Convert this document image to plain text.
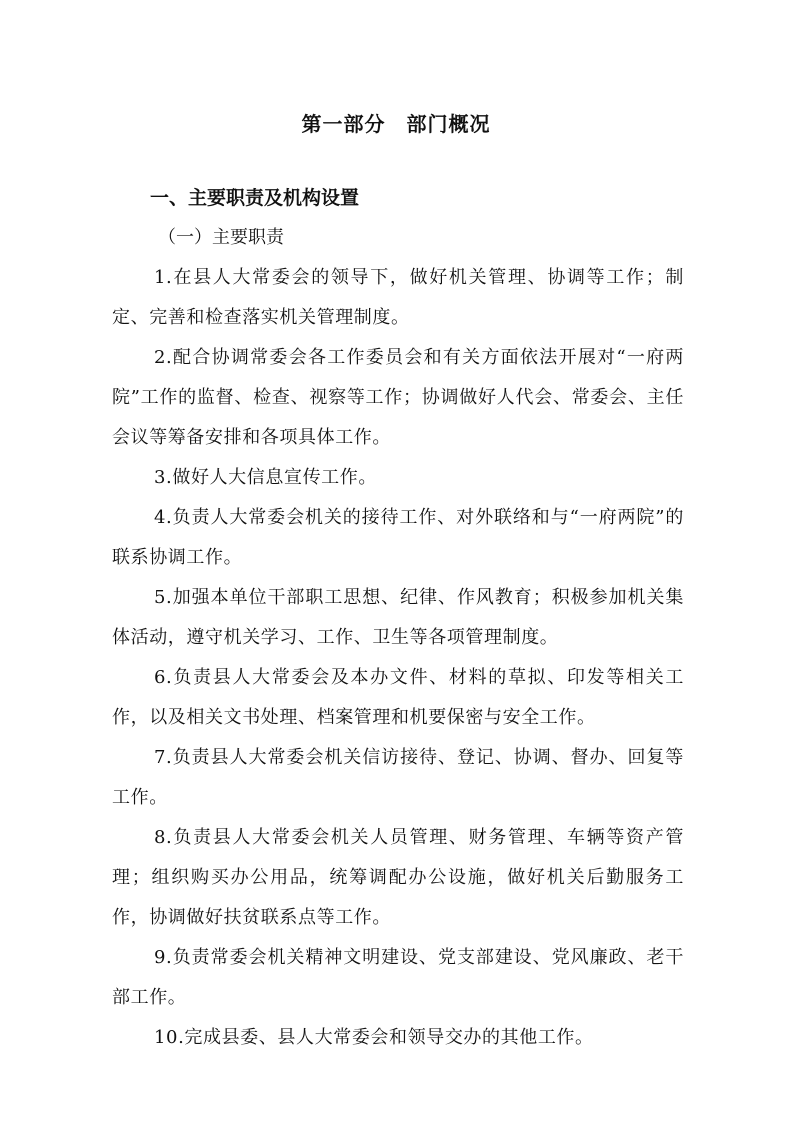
第一部分　部门概况

一、主要职责及机构设置

（一）主要职责

1.在县人大常委会的领导下，做好机关管理、协调等工作；制定、完善和检查落实机关管理制度。

2.配合协调常委会各工作委员会和有关方面依法开展对“一府两院”工作的监督、检查、视察等工作；协调做好人代会、常委会、主任会议等筹备安排和各项具体工作。

3.做好人大信息宣传工作。

4.负责人大常委会机关的接待工作、对外联络和与“一府两院”的联系协调工作。

5.加强本单位干部职工思想、纪律、作风教育；积极参加机关集体活动，遵守机关学习、工作、卫生等各项管理制度。

6.负责县人大常委会及本办文件、材料的草拟、印发等相关工作，以及相关文书处理、档案管理和机要保密与安全工作。

7.负责县人大常委会机关信访接待、登记、协调、督办、回复等工作。

8.负责县人大常委会机关人员管理、财务管理、车辆等资产管理；组织购买办公用品，统筹调配办公设施，做好机关后勤服务工作，协调做好扶贫联系点等工作。

9.负责常委会机关精神文明建设、党支部建设、党风廉政、老干部工作。

10.完成县委、县人大常委会和领导交办的其他工作。
